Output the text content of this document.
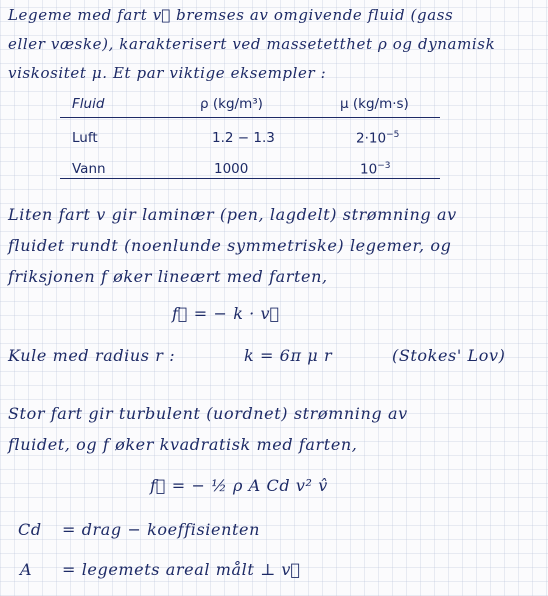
Legeme med fart v⃗ bremses av omgivende fluid (gass
eller væske), karakterisert ved massetetthet ρ og dynamisk
viskositet μ. Et par viktige eksempler :
Fluid	ρ (kg/m³)	μ (kg/m·s)
Luft	1.2 − 1.3	$2\cdot 10^{-5}$
Vann	1000	$10^{-3}$
Liten fart v gir laminær (pen, lagdelt) strømning av
fluidet rundt (noenlunde symmetriske) legemer, og
friksjonen f øker lineært med farten,
f⃗ = − k · v⃗
Kule med radius r :	k = 6π μ r	(Stokes' Lov)
Stor fart gir turbulent (uordnet) strømning av
fluidet, og f øker kvadratisk med farten,
f⃗ = − ½ ρ A Cd v² v̂
Cd = drag − koeffisienten
A = legemets areal målt ⊥ v⃗
